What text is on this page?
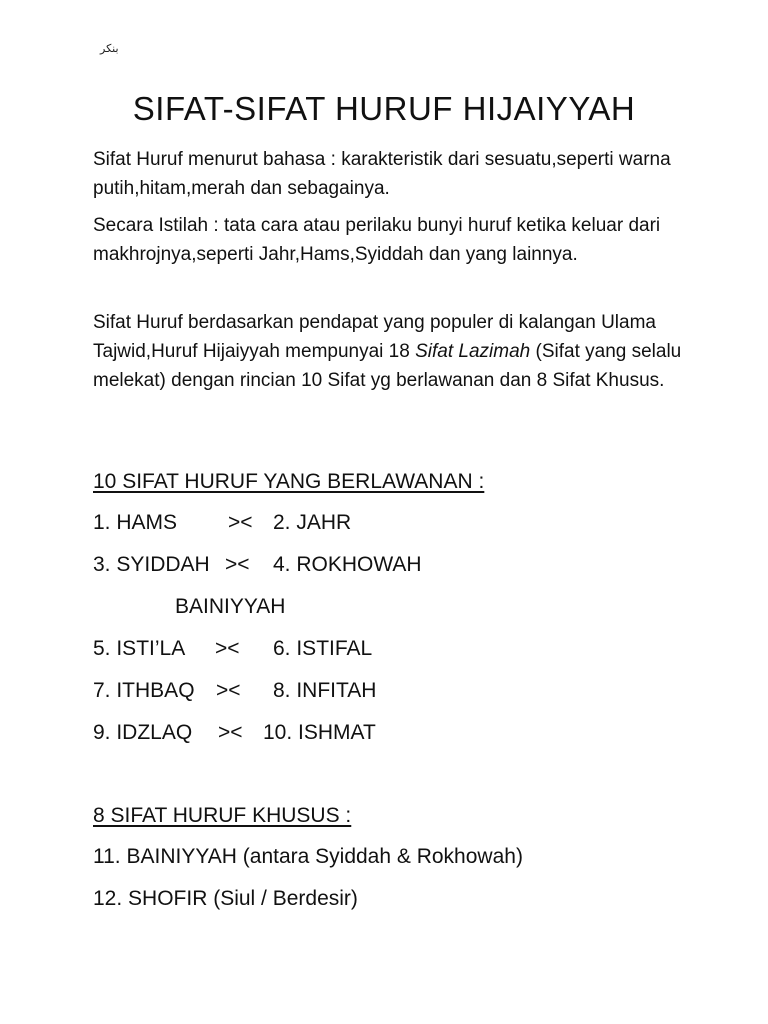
بنكر
SIFAT-SIFAT HURUF HIJAIYYAH

Sifat Huruf menurut bahasa : karakteristik dari sesuatu,seperti warna putih,hitam,merah dan sebagainya.

Secara Istilah : tata cara atau perilaku bunyi huruf ketika keluar dari makhrojnya,seperti Jahr,Hams,Syiddah dan yang lainnya.

Sifat Huruf berdasarkan pendapat yang populer di kalangan Ulama Tajwid,Huruf Hijaiyyah mempunyai 18 Sifat Lazimah (Sifat yang selalu melekat) dengan rincian 10 Sifat yg berlawanan dan 8 Sifat Khusus.

10 SIFAT HURUF YANG BERLAWANAN :
1. HAMS >< 2. JAHR
3. SYIDDAH >< 4. ROKHOWAH
BAINIYYAH
5. ISTI’LA >< 6. ISTIFAL
7. ITHBAQ >< 8. INFITAH
9. IDZLAQ >< 10. ISHMAT
8 SIFAT HURUF KHUSUS :
11. BAINIYYAH (antara Syiddah & Rokhowah)
12. SHOFIR (Siul / Berdesir)
